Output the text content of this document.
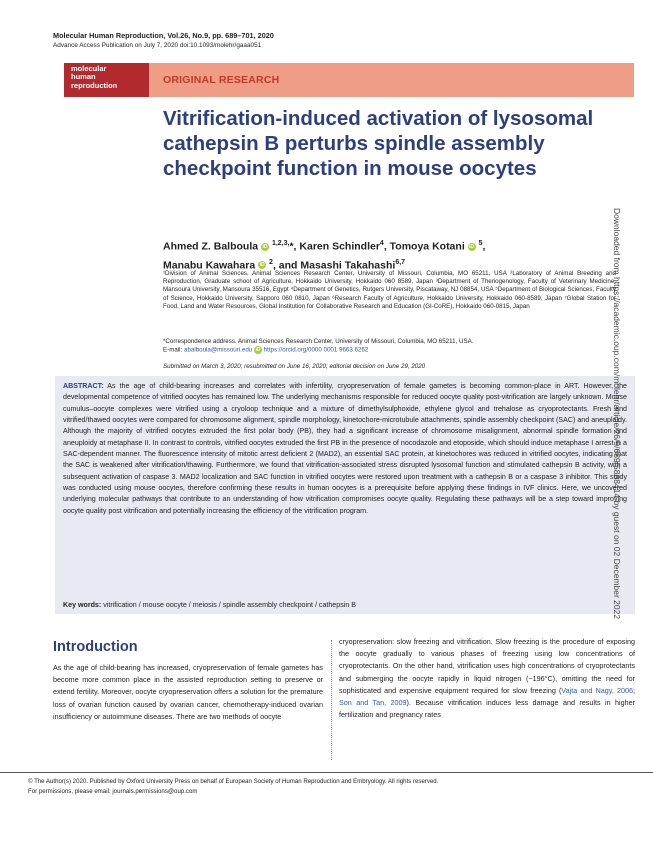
Molecular Human Reproduction, Vol.26, No.9, pp. 689–701, 2020
Advance Access Publication on July 7, 2020 doi:10.1093/molehr/gaaa051
molecular
human
reproduction	ORIGINAL RESEARCH
Vitrification-induced activation of lysosomal cathepsin B perturbs spindle assembly checkpoint function in mouse oocytes
Ahmed Z. Balboula iD $^{1,2,3,}$*, Karen Schindler$^4$, Tomoya Kotani iD $^5$,
Manabu Kawahara iD $^2$, and Masashi Takahashi$^{6,7}$
¹Division of Animal Sciences, Animal Sciences Research Center, University of Missouri, Columbia, MO 65211, USA ²Laboratory of Animal Breeding and Reproduction, Graduate school of Agriculture, Hokkaido University, Hokkaido 060 8589, Japan ³Department of Theriogenology, Faculty of Veterinary Medicine, Mansoura University, Mansoura 35516, Egypt ⁴Department of Genetics, Rutgers University, Piscataway, NJ 08854, USA ⁵Department of Biological Sciences, Faculty of Science, Hokkaido University, Sapporo 060 0810, Japan ⁶Research Faculty of Agriculture, Hokkaido University, Hokkaido 060-8589, Japan ⁷Global Station for Food, Land and Water Resources, Global Institution for Collaborative Research and Education (GI-CoRE), Hokkaido 060-0815, Japan
*Correspondence address. Animal Sciences Research Center, University of Missouri, Columbia, MO 65211, USA.
E-mail: abalboula@missouri.edu iD https://orcid.org/0000 0001 9663 6262
Submitted on March 3, 2020; resubmitted on June 16, 2020; editorial decision on June 29, 2020
ABSTRACT: As the age of child-bearing increases and correlates with infertility, cryopreservation of female gametes is becoming common-place in ART. However, the developmental competence of vitrified oocytes has remained low. The underlying mechanisms responsible for reduced oocyte quality post-vitrification are largely unknown. Mouse cumulus–oocyte complexes were vitrified using a cryoloop technique and a mixture of dimethylsulphoxide, ethylene glycol and trehalose as cryoprotectants. Fresh and vitrified/thawed oocytes were compared for chromosome alignment, spindle morphology, kinetochore-microtubule attachments, spindle assembly checkpoint (SAC) and aneuploidy. Although the majority of vitrified oocytes extruded the first polar body (PB), they had a significant increase of chromosome misalignment, abnormal spindle formation and aneuploidy at metaphase II. In contrast to controls, vitrified oocytes extruded the first PB in the presence of nocodazole and etoposide, which should induce metaphase I arrest in a SAC-dependent manner. The fluorescence intensity of mitotic arrest deficient 2 (MAD2), an essential SAC protein, at kinetochores was reduced in vitrified oocytes, indicating that the SAC is weakened after vitrification/thawing. Furthermore, we found that vitrification-associated stress disrupted lysosomal function and stimulated cathepsin B activity, with a subsequent activation of caspase 3. MAD2 localization and SAC function in vitrified oocytes were restored upon treatment with a cathepsin B or a caspase 3 inhibitor. This study was conducted using mouse oocytes, therefore confirming these results in human oocytes is a prerequisite before applying these findings in IVF clinics. Here, we uncovered underlying molecular pathways that contribute to an understanding of how vitrification compromises oocyte quality. Regulating these pathways will be a step toward improving oocyte quality post vitrification and potentially increasing the efficiency of the vitrification program.
Key words: vitrification / mouse oocyte / meiosis / spindle assembly checkpoint / cathepsin B
Introduction
As the age of child-bearing has increased, cryopreservation of female gametes has become more common place in the assisted reproduction setting to preserve or extend fertility. Moreover, oocyte cryopreservation offers a solution for the premature loss of ovarian function caused by ovarian cancer, chemotherapy-induced ovarian insufficiency or autoimmune diseases. There are two methods of oocyte
cryopreservation: slow freezing and vitrification. Slow freezing is the procedure of exposing the oocyte gradually to various phases of freezing using low concentrations of cryoprotectants. On the other hand, vitrification uses high concentrations of cryoprotectants and submerging the oocyte rapidly in liquid nitrogen (−196°C), omitting the need for sophisticated and expensive equipment required for slow freezing (Vajta and Nagy, 2006; Son and Tan, 2009). Because vitrification induces less damage and results in higher fertilization and pregnancy rates
© The Author(s) 2020. Published by Oxford University Press on behalf of European Society of Human Reproduction and Embryology. All rights reserved.
For permissions, please email: journals.permissions@oup.com
Downloaded from https://academic.oup.com/molehr/article/26/9/689/5868414 by guest on 02 December 2022
